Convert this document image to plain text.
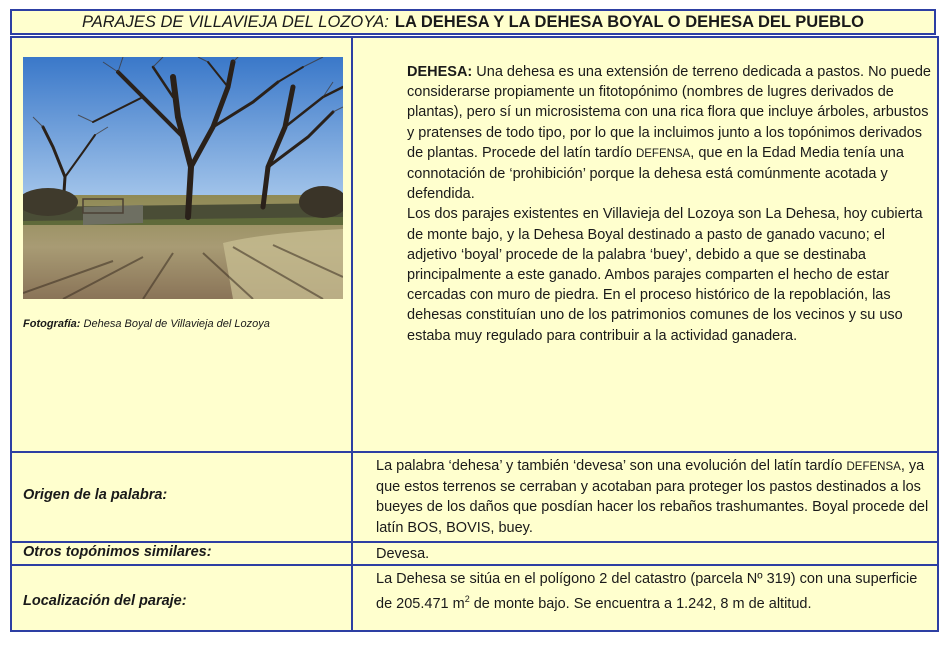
PARAJES DE VILLAVIEJA DEL LOZOYA: LA DEHESA Y LA DEHESA BOYAL O DEHESA DEL PUEBLO
Fotografía: Dehesa Boyal de Villavieja del Lozoya

DEHESA: Una dehesa es una extensión de terreno dedicada a pastos. No puede considerarse propiamente un fitotopónimo (nombres de lugres derivados de plantas), pero sí un microsistema con una rica flora que incluye árboles, arbustos y pratenses de todo tipo, por lo que la incluimos junto a los topónimos derivados de plantas. Procede del latín tardío DEFENSA, que en la Edad Media tenía una connotación de ‘prohibición’ porque la dehesa está comúnmente acotada y defendida.

Los dos parajes existentes en Villavieja del Lozoya son La Dehesa, hoy cubierta de monte bajo, y la Dehesa Boyal destinado a pasto de ganado vacuno; el adjetivo ‘boyal’ procede de la palabra ‘buey’, debido a que se destinaba principalmente a este ganado. Ambos parajes comparten el hecho de estar cercadas con muro de piedra. En el proceso histórico de la repoblación, las dehesas constituían uno de los patrimonios comunes de los vecinos y su uso estaba muy regulado para contribuir a la actividad ganadera.

Origen de la palabra:

La palabra ‘dehesa’ y también ‘devesa’ son una evolución del latín tardío DEFENSA, ya que estos terrenos se cerraban y acotaban para proteger los pastos destinados a los bueyes de los daños que posdían hacer los rebaños trashumantes. Boyal procede del latín BOS, BOVIS, buey.

Otros topónimos similares:	Devesa.
Localización del paraje:

La Dehesa se sitúa en el polígono 2 del catastro (parcela Nº 319) con una superficie de 205.471 $m^2$ de monte bajo. Se encuentra a 1.242, 8 m de altitud.
